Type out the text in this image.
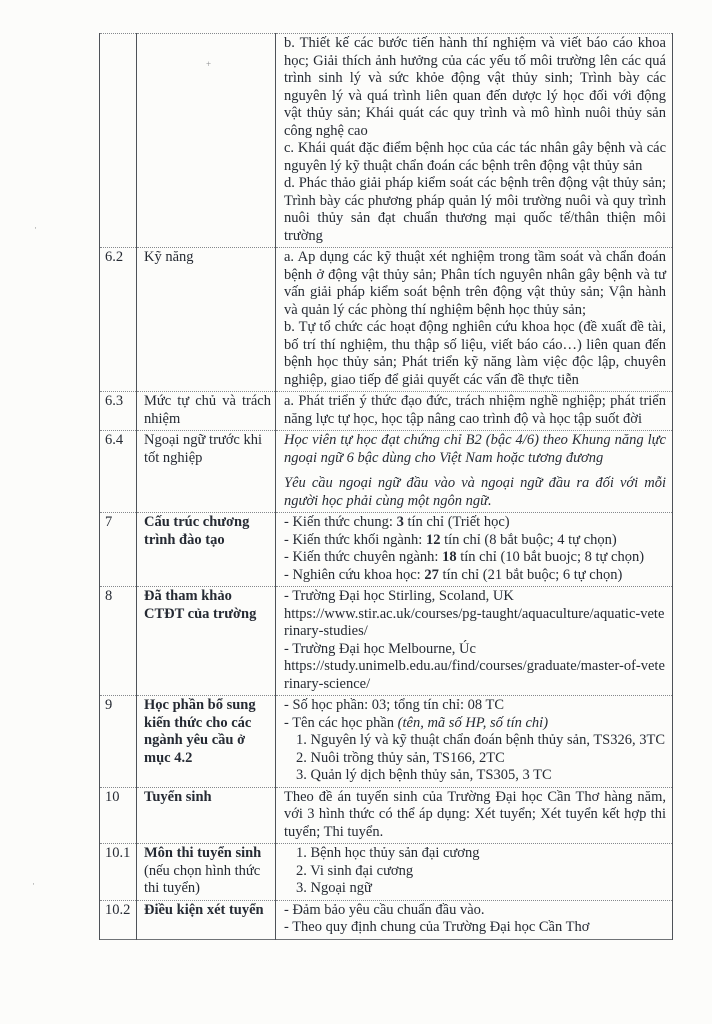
+
·
·

		b. Thiết kế các bước tiến hành thí nghiệm và viết báo cáo khoa học; Giải thích ảnh hưởng của các yếu tố môi trường lên các quá trình sinh lý và sức khỏe động vật thủy sinh; Trình bày các nguyên lý và quá trình liên quan đến dược lý học đối với động vật thủy sản; Khái quát các quy trình và mô hình nuôi thủy sản công nghệ cao

c. Khái quát đặc điểm bệnh học của các tác nhân gây bệnh và các nguyên lý kỹ thuật chẩn đoán các bệnh trên động vật thủy sản

d. Phác thảo giải pháp kiểm soát các bệnh trên động vật thủy sản; Trình bày các phương pháp quản lý môi trường nuôi và quy trình nuôi thủy sản đạt chuẩn thương mại quốc tế/thân thiện môi trường

6.2	Kỹ năng	a. Ap dụng các kỹ thuật xét nghiệm trong tầm soát và chẩn đoán bệnh ở động vật thủy sản; Phân tích nguyên nhân gây bệnh và tư vấn giải pháp kiểm soát bệnh trên động vật thủy sản; Vận hành và quản lý các phòng thí nghiệm bệnh học thủy sản;

b. Tự tổ chức các hoạt động nghiên cứu khoa học (đề xuất đề tài, bố trí thí nghiệm, thu thập số liệu, viết báo cáo…) liên quan đến bệnh học thủy sản; Phát triển kỹ năng làm việc độc lập, chuyên nghiệp, giao tiếp để giải quyết các vấn đề thực tiễn

6.3	Mức tự chủ và trách nhiệm	a. Phát triển ý thức đạo đức, trách nhiệm nghề nghiệp; phát triển năng lực tự học, học tập nâng cao trình độ và học tập suốt đời

6.4	Ngoại ngữ trước khi tốt nghiệp	Học viên tự học đạt chứng chỉ B2 (bậc 4/6) theo Khung năng lực ngoại ngữ 6 bậc dùng cho Việt Nam hoặc tương đương

Yêu cầu ngoại ngữ đầu vào và ngoại ngữ đầu ra đối với mỗi người học phải cùng một ngôn ngữ.

7	Cấu trúc chương trình đào tạo	- Kiến thức chung: 3 tín chỉ (Triết học)
- Kiến thức khối ngành: 12 tín chỉ (8 bắt buộc; 4 tự chọn)
- Kiến thức chuyên ngành: 18 tín chỉ (10 bắt buojc; 8 tự chọn)
- Nghiên cứu khoa học: 27 tín chỉ (21 bắt buộc; 6 tự chọn)

8	Đã tham khảo CTĐT của trường	- Trường Đại học Stirling, Scoland, UK
https://www.stir.ac.uk/courses/pg-taught/aquaculture/aquatic-veterinary-studies/
- Trường Đại học Melbourne, Úc
https://study.unimelb.edu.au/find/courses/graduate/master-of-veterinary-science/

9	Học phần bổ sung kiến thức cho các ngành yêu cầu ở mục 4.2	- Số học phần: 03; tổng tín chỉ: 08 TC
- Tên các học phần (tên, mã số HP, số tín chỉ)
1. Nguyên lý và kỹ thuật chẩn đoán bệnh thủy sản, TS326, 3TC
2. Nuôi trồng thủy sản, TS166, 2TC
3. Quản lý dịch bệnh thủy sản, TS305, 3 TC

10	Tuyển sinh	Theo đề án tuyển sinh của Trường Đại học Cần Thơ hàng năm, với 3 hình thức có thể áp dụng: Xét tuyển; Xét tuyển kết hợp thi tuyển; Thi tuyển.

10.1	Môn thi tuyển sinh (nếu chọn hình thức thi tuyển)	1. Bệnh học thủy sản đại cương
2. Vi sinh đại cương
3. Ngoại ngữ

10.2	Điều kiện xét tuyển	- Đảm bảo yêu cầu chuẩn đầu vào.
- Theo quy định chung của Trường Đại học Cần Thơ
